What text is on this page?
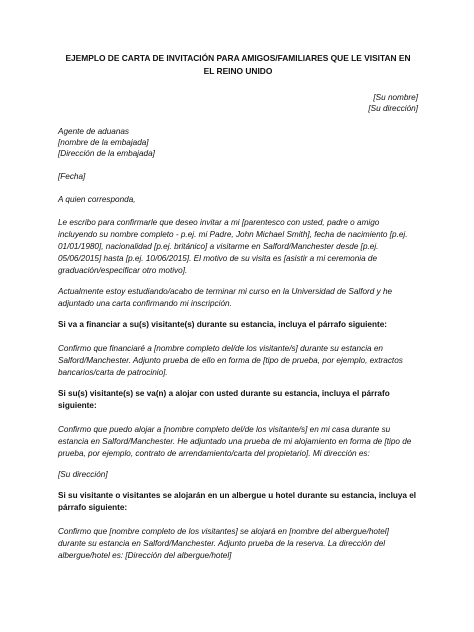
EJEMPLO DE CARTA DE INVITACIÓN PARA AMIGOS/FAMILIARES QUE LE VISITAN EN EL REINO UNIDO
[Su nombre]
[Su dirección]
Agente de aduanas
[nombre de la embajada]
[Dirección de la embajada]
[Fecha]
A quien corresponda,

Le escribo para confirmarle que deseo invitar a mi [parentesco con usted, padre o amigo incluyendo su nombre completo - p.ej. mi Padre, John Michael Smith], fecha de nacimiento [p.ej. 01/01/1980], nacionalidad [p.ej. británico] a visitarme en Salford/Manchester desde [p.ej. 05/06/2015] hasta [p.ej. 10/06/2015]. El motivo de su visita es [asistir a mi ceremonia de graduación/especificar otro motivo].

Actualmente estoy estudiando/acabo de terminar mi curso en la Universidad de Salford y he adjuntado una carta confirmando mi inscripción.

Si va a financiar a su(s) visitante(s) durante su estancia, incluya el párrafo siguiente:

Confirmo que financiaré a [nombre completo del/de los visitante/s] durante su estancia en Salford/Manchester. Adjunto prueba de ello en forma de [tipo de prueba, por ejemplo, extractos bancarios/carta de patrocinio].

Si su(s) visitante(s) se va(n) a alojar con usted durante su estancia, incluya el párrafo siguiente:

Confirmo que puedo alojar a [nombre completo del/de los visitante/s] en mi casa durante su estancia en Salford/Manchester. He adjuntado una prueba de mi alojamiento en forma de [tipo de prueba, por ejemplo, contrato de arrendamiento/carta del propietario]. Mi dirección es:

[Su dirección]

Si su visitante o visitantes se alojarán en un albergue u hotel durante su estancia, incluya el párrafo siguiente:

Confirmo que [nombre completo de los visitantes] se alojará en [nombre del albergue/hotel] durante su estancia en Salford/Manchester. Adjunto prueba de la reserva. La dirección del albergue/hotel es: [Dirección del albergue/hotel]
